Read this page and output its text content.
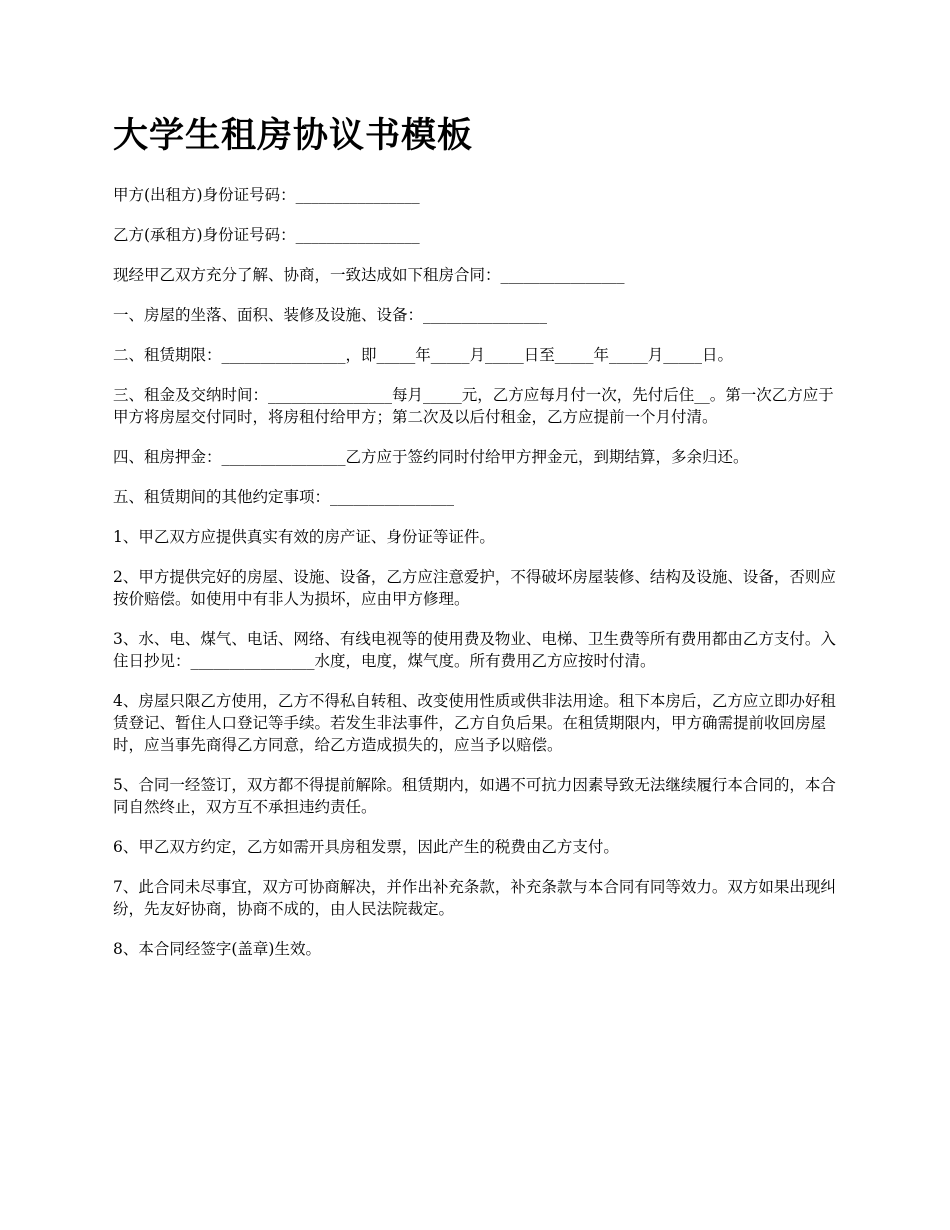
大学生租房协议书模板

甲方(出租方)身份证号码：________________

乙方(承租方)身份证号码：________________

现经甲乙双方充分了解、协商，一致达成如下租房合同：________________

一、房屋的坐落、面积、装修及设施、设备：________________

二、租赁期限：________________，即_____年_____月_____日至_____年_____月_____日。

三、租金及交纳时间：________________每月_____元，乙方应每月付一次，先付后住__。第一次乙方应于甲方将房屋交付同时，将房租付给甲方；第二次及以后付租金，乙方应提前一个月付清。

四、租房押金：________________乙方应于签约同时付给甲方押金元，到期结算，多余归还。

五、租赁期间的其他约定事项：________________

1、甲乙双方应提供真实有效的房产证、身份证等证件。

2、甲方提供完好的房屋、设施、设备，乙方应注意爱护，不得破坏房屋装修、结构及设施、设备，否则应按价赔偿。如使用中有非人为损坏，应由甲方修理。

3、水、电、煤气、电话、网络、有线电视等的使用费及物业、电梯、卫生费等所有费用都由乙方支付。入住日抄见：________________水度，电度，煤气度。所有费用乙方应按时付清。

4、房屋只限乙方使用，乙方不得私自转租、改变使用性质或供非法用途。租下本房后，乙方应立即办好租赁登记、暂住人口登记等手续。若发生非法事件，乙方自负后果。在租赁期限内，甲方确需提前收回房屋时，应当事先商得乙方同意，给乙方造成损失的，应当予以赔偿。

5、合同一经签订，双方都不得提前解除。租赁期内，如遇不可抗力因素导致无法继续履行本合同的，本合同自然终止，双方互不承担违约责任。

6、甲乙双方约定，乙方如需开具房租发票，因此产生的税费由乙方支付。

7、此合同未尽事宜，双方可协商解决，并作出补充条款，补充条款与本合同有同等效力。双方如果出现纠纷，先友好协商，协商不成的，由人民法院裁定。

8、本合同经签字(盖章)生效。
